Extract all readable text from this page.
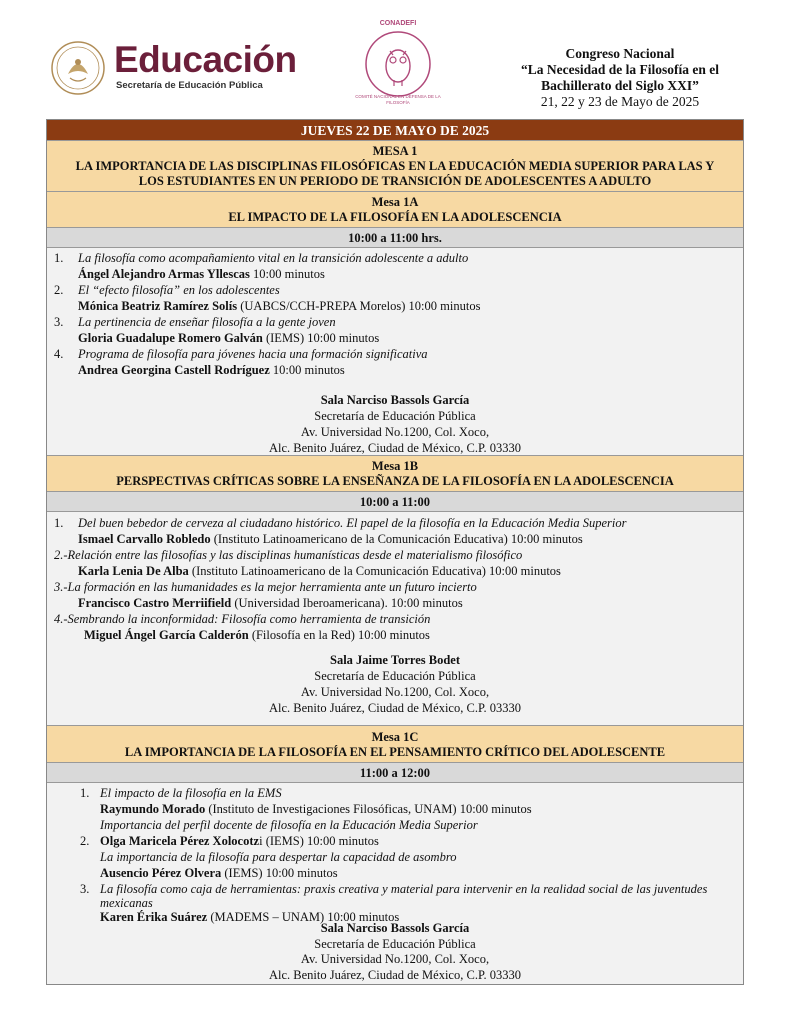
Educación
Secretaría de Educación Pública
CONADEFI
COMITÉ NACIONAL EN DEFENSA DE LA FILOSOFÍA
Congreso Nacional
“La Necesidad de la Filosofía en el
Bachillerato del Siglo XXI”
21, 22 y 23 de Mayo de 2025
JUEVES 22 DE MAYO DE 2025
MESA 1
LA IMPORTANCIA DE LAS DISCIPLINAS FILOSÓFICAS EN LA EDUCACIÓN MEDIA SUPERIOR PARA LAS Y
LOS ESTUDIANTES EN UN PERIODO DE TRANSICIÓN DE ADOLESCENTES A ADULTO
Mesa 1A
EL IMPACTO DE LA FILOSOFÍA EN LA ADOLESCENCIA
10:00 a 11:00 hrs.
1. La filosofía como acompañamiento vital en la transición adolescente a adulto
Ángel Alejandro Armas Yllescas 10:00 minutos
2. El “efecto filosofía” en los adolescentes
Mónica Beatriz Ramírez Solís (UABCS/CCH-PREPA Morelos) 10:00 minutos
3. La pertinencia de enseñar filosofía a la gente joven
Gloria Guadalupe Romero Galván (IEMS) 10:00 minutos
4. Programa de filosofía para jóvenes hacia una formación significativa
Andrea Georgina Castell Rodríguez 10:00 minutos
Sala Narciso Bassols García
Secretaría de Educación Pública
Av. Universidad No.1200, Col. Xoco,
Alc. Benito Juárez, Ciudad de México, C.P. 03330
Mesa 1B
PERSPECTIVAS CRÍTICAS SOBRE LA ENSEÑANZA DE LA FILOSOFÍA EN LA ADOLESCENCIA
10:00 a 11:00
1. Del buen bebedor de cerveza al ciudadano histórico. El papel de la filosofía en la Educación Media Superior
Ismael Carvallo Robledo (Instituto Latinoamericano de la Comunicación Educativa) 10:00 minutos
2.-Relación entre las filosofías y las disciplinas humanísticas desde el materialismo filosófico
Karla Lenia De Alba (Instituto Latinoamericano de la Comunicación Educativa) 10:00 minutos
3.-La formación en las humanidades es la mejor herramienta ante un futuro incierto
Francisco Castro Merriifield (Universidad Iberoamericana). 10:00 minutos
4.-Sembrando la inconformidad: Filosofía como herramienta de transición
Miguel Ángel García Calderón (Filosofía en la Red) 10:00 minutos
Sala Jaime Torres Bodet
Secretaría de Educación Pública
Av. Universidad No.1200, Col. Xoco,
Alc. Benito Juárez, Ciudad de México, C.P. 03330
Mesa 1C
LA IMPORTANCIA DE LA FILOSOFÍA EN EL PENSAMIENTO CRÍTICO DEL ADOLESCENTE
11:00 a 12:00
1. El impacto de la filosofía en la EMS
Raymundo Morado (Instituto de Investigaciones Filosóficas, UNAM) 10:00 minutos
Importancia del perfil docente de filosofía en la Educación Media Superior
2. Olga Maricela Pérez Xolocotzi (IEMS) 10:00 minutos
La importancia de la filosofía para despertar la capacidad de asombro
Ausencio Pérez Olvera (IEMS) 10:00 minutos
3. La filosofía como caja de herramientas: praxis creativa y material para intervenir en la realidad social de las juventudes
mexicanas
Karen Érika Suárez (MADEMS – UNAM) 10:00 minutos
Sala Narciso Bassols García
Secretaría de Educación Pública
Av. Universidad No.1200, Col. Xoco,
Alc. Benito Juárez, Ciudad de México, C.P. 03330
